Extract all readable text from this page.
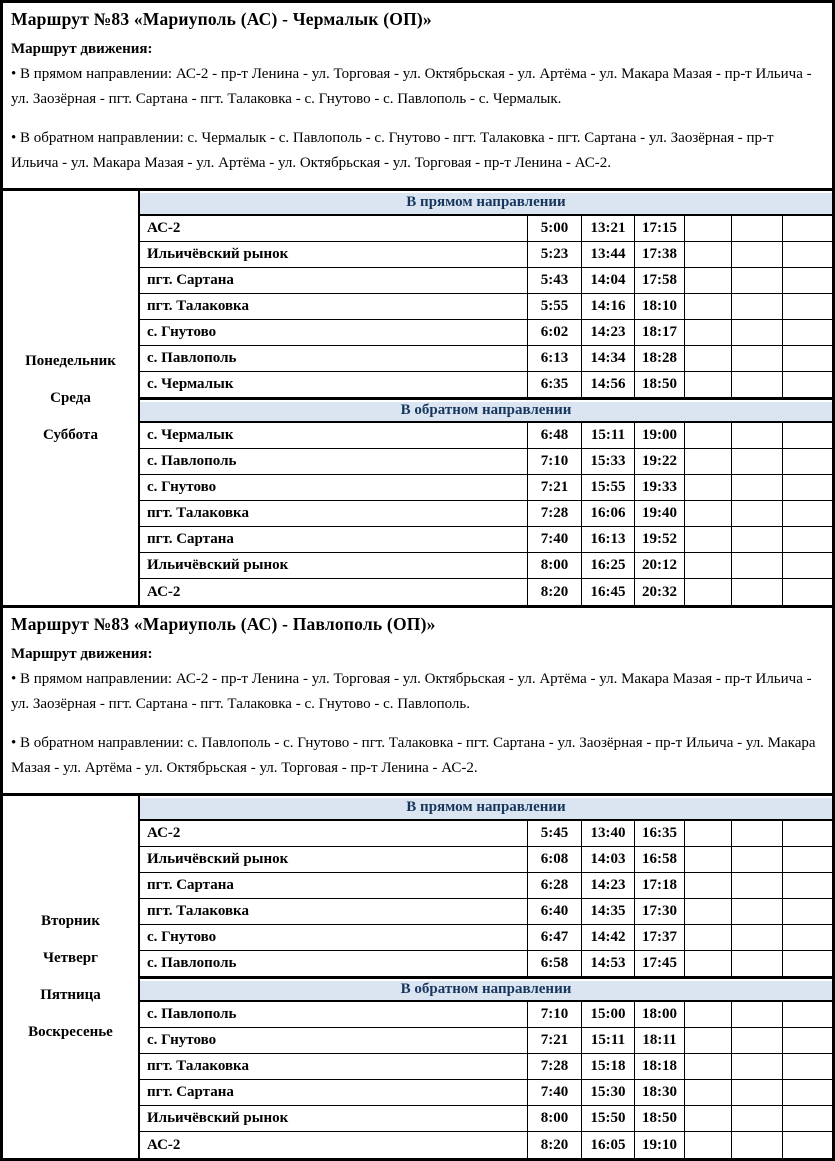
Маршрут №83 «Мариуполь (АС) - Чермалык (ОП)»

Маршрут движения:

• В прямом направлении: АС-2 - пр-т Ленина - ул. Торговая - ул. Октябрьская - ул. Артёма - ул. Макара Мазая - пр-т Ильича - ул. Заозёрная - пгт. Сартана - пгт. Талаковка - с. Гнутово - с. Павлополь - с. Чермалык.

• В обратном направлении: с. Чермалык - с. Павлополь - с. Гнутово - пгт. Талаковка - пгт. Сартана - ул. Заозёрная - пр-т Ильича - ул. Макара Мазая - ул. Артёма - ул. Октябрьская - ул. Торговая - пр-т Ленина - АС-2.

Понедельник
Среда
Суббота
В прямом направлении
АС-2	5:00	13:21	17:15
Ильичёвский рынок	5:23	13:44	17:38
пгт. Сартана	5:43	14:04	17:58
пгт. Талаковка	5:55	14:16	18:10
с. Гнутово	6:02	14:23	18:17
с. Павлополь	6:13	14:34	18:28
с. Чермалык	6:35	14:56	18:50
В обратном направлении
с. Чермалык	6:48	15:11	19:00
с. Павлополь	7:10	15:33	19:22
с. Гнутово	7:21	15:55	19:33
пгт. Талаковка	7:28	16:06	19:40
пгт. Сартана	7:40	16:13	19:52
Ильичёвский рынок	8:00	16:25	20:12
АС-2	8:20	16:45	20:32
Маршрут №83 «Мариуполь (АС) - Павлополь (ОП)»

Маршрут движения:

• В прямом направлении: АС-2 - пр-т Ленина - ул. Торговая - ул. Октябрьская - ул. Артёма - ул. Макара Мазая - пр-т Ильича - ул. Заозёрная - пгт. Сартана - пгт. Талаковка - с. Гнутово - с. Павлополь.

• В обратном направлении: с. Павлополь - с. Гнутово - пгт. Талаковка - пгт. Сартана - ул. Заозёрная - пр-т Ильича - ул. Макара Мазая - ул. Артёма - ул. Октябрьская - ул. Торговая - пр-т Ленина - АС-2.

Вторник
Четверг
Пятница
Воскресенье
В прямом направлении
АС-2	5:45	13:40	16:35
Ильичёвский рынок	6:08	14:03	16:58
пгт. Сартана	6:28	14:23	17:18
пгт. Талаковка	6:40	14:35	17:30
с. Гнутово	6:47	14:42	17:37
с. Павлополь	6:58	14:53	17:45
В обратном направлении
с. Павлополь	7:10	15:00	18:00
с. Гнутово	7:21	15:11	18:11
пгт. Талаковка	7:28	15:18	18:18
пгт. Сартана	7:40	15:30	18:30
Ильичёвский рынок	8:00	15:50	18:50
АС-2	8:20	16:05	19:10
